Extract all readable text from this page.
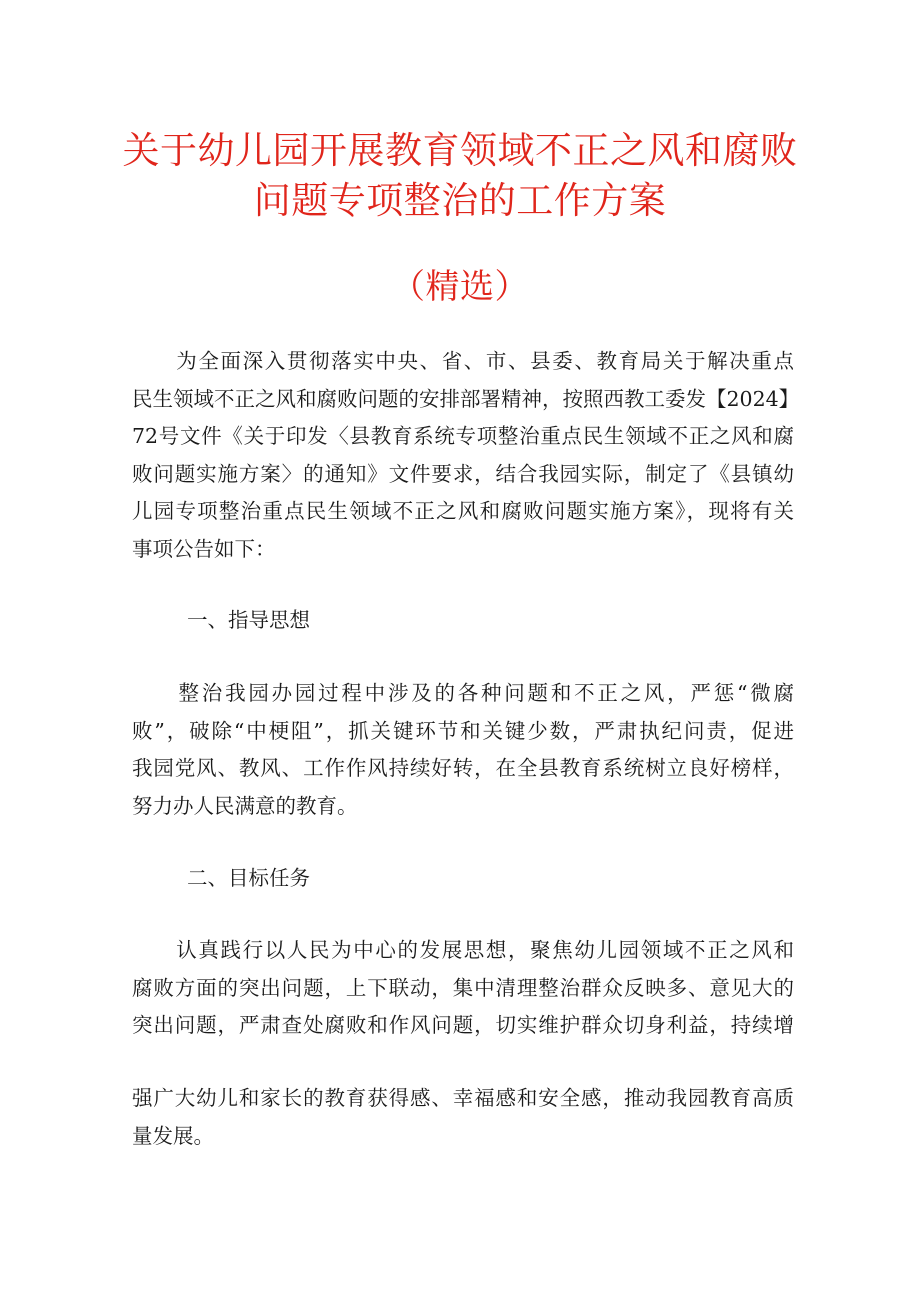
关于幼儿园开展教育领域不正之风和腐败
问题专项整治的工作方案
（精选）

　　为全面深入贯彻落实中央、省、市、县委、教育局关于解决重点
民生领域不正之风和腐败问题的安排部署精神，按照西教工委发【2024】
72号文件《关于印发〈县教育系统专项整治重点民生领域不正之风和腐
败问题实施方案〉的通知》文件要求，结合我园实际，制定了《县镇幼
儿园专项整治重点民生领域不正之风和腐败问题实施方案》，现将有关
事项公告如下：

一、指导思想

　　整治我园办园过程中涉及的各种问题和不正之风，严惩“微腐
败”，破除“中梗阻”，抓关键环节和关键少数，严肃执纪问责，促进
我园党风、教风、工作作风持续好转，在全县教育系统树立良好榜样，
努力办人民满意的教育。

二、目标任务

　　认真践行以人民为中心的发展思想，聚焦幼儿园领域不正之风和
腐败方面的突出问题，上下联动，集中清理整治群众反映多、意见大的
突出问题，严肃查处腐败和作风问题，切实维护群众切身利益，持续增

强广大幼儿和家长的教育获得感、幸福感和安全感，推动我园教育高质
量发展。
